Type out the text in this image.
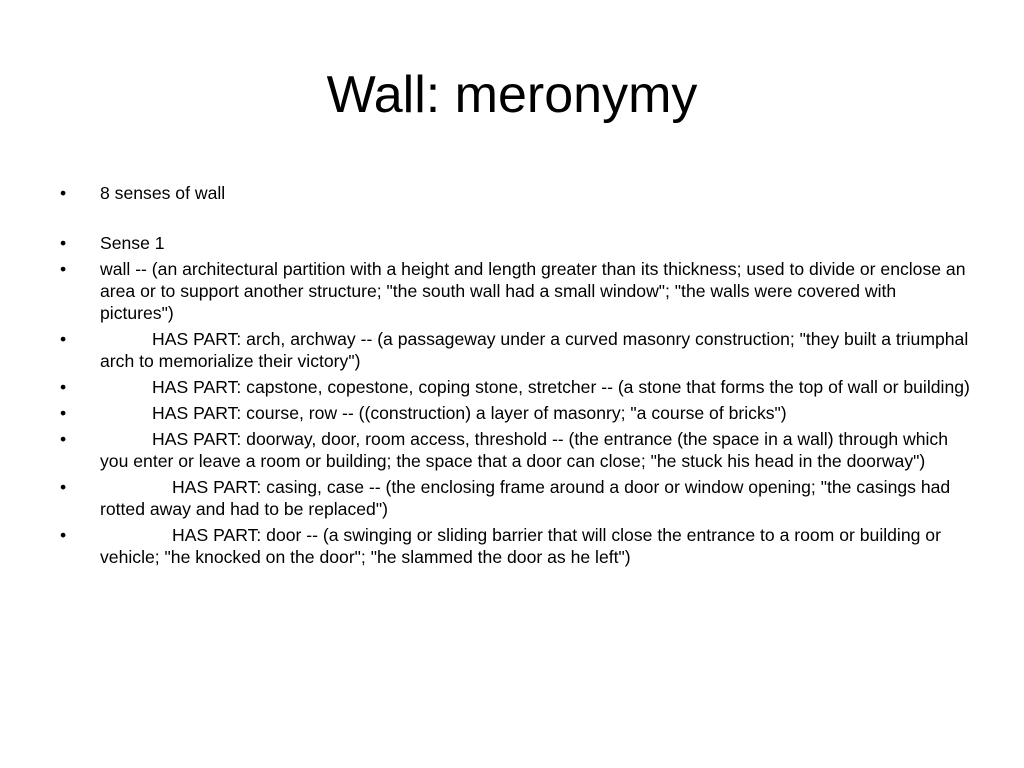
Wall: meronymy
•	8 senses of wall
•	Sense 1
•	wall -- (an architectural partition with a height and length greater than its thickness; used to divide or enclose an area or to support another structure; "the south wall had a small window"; "the walls were covered with pictures")
•	HAS PART: arch, archway -- (a passageway under a curved masonry construction; "they built a triumphal arch to memorialize their victory")
•	HAS PART: capstone, copestone, coping stone, stretcher -- (a stone that forms the top of wall or building)
•	HAS PART: course, row -- ((construction) a layer of masonry; "a course of bricks")
•	HAS PART: doorway, door, room access, threshold -- (the entrance (the space in a wall) through which you enter or leave a room or building; the space that a door can close; "he stuck his head in the doorway")
•	HAS PART: casing, case -- (the enclosing frame around a door or window opening; "the casings had rotted away and had to be replaced")
•	HAS PART: door -- (a swinging or sliding barrier that will close the entrance to a room or building or vehicle; "he knocked on the door"; "he slammed the door as he left")
